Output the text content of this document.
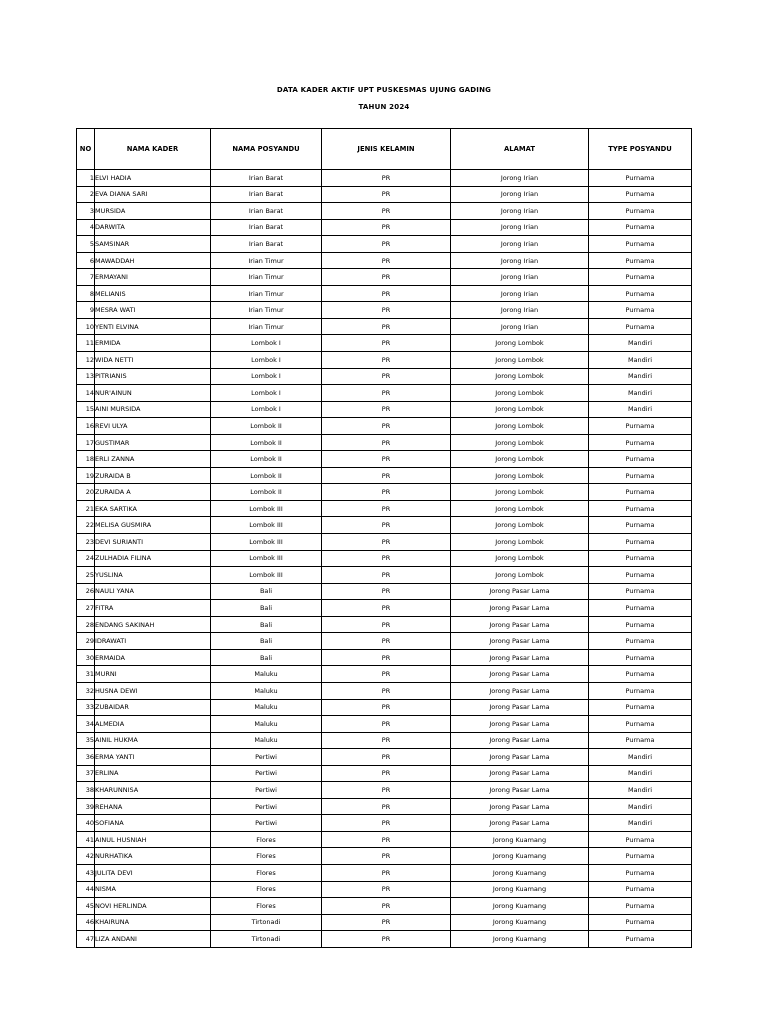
DATA KADER AKTIF UPT PUSKESMAS UJUNG GADING
TAHUN 2024
NO	NAMA KADER	NAMA POSYANDU	JENIS KELAMIN	ALAMAT	TYPE POSYANDU
1	ELVI HADIA	Irian Barat	PR	Jorong Irian	Purnama
2	EVA DIANA SARI	Irian Barat	PR	Jorong Irian	Purnama
3	MURSIDA	Irian Barat	PR	Jorong Irian	Purnama
4	DARWITA	Irian Barat	PR	Jorong Irian	Purnama
5	SAMSINAR	Irian Barat	PR	Jorong Irian	Purnama
6	MAWADDAH	Irian Timur	PR	Jorong Irian	Purnama
7	ERMAYANI	Irian Timur	PR	Jorong Irian	Purnama
8	MELIANIS	Irian Timur	PR	Jorong Irian	Purnama
9	MESRA WATI	Irian Timur	PR	Jorong Irian	Purnama
10	YENTI ELVINA	Irian Timur	PR	Jorong Irian	Purnama
11	ERMIDA	Lombok I	PR	Jorong Lombok	Mandiri
12	WIDA NETTI	Lombok I	PR	Jorong Lombok	Mandiri
13	PITRIANIS	Lombok I	PR	Jorong Lombok	Mandiri
14	NUR'AINUN	Lombok I	PR	Jorong Lombok	Mandiri
15	AINI MURSIDA	Lombok I	PR	Jorong Lombok	Mandiri
16	REVI ULYA	Lombok II	PR	Jorong Lombok	Purnama
17	GUSTIMAR	Lombok II	PR	Jorong Lombok	Purnama
18	ERLI ZANNA	Lombok II	PR	Jorong Lombok	Purnama
19	ZURAIDA B	Lombok II	PR	Jorong Lombok	Purnama
20	ZURAIDA A	Lombok II	PR	Jorong Lombok	Purnama
21	EKA SARTIKA	Lombok III	PR	Jorong Lombok	Purnama
22	MELISA GUSMIRA	Lombok III	PR	Jorong Lombok	Purnama
23	DEVI SURIANTI	Lombok III	PR	Jorong Lombok	Purnama
24	ZULHADIA FILINA	Lombok III	PR	Jorong Lombok	Purnama
25	YUSLINA	Lombok III	PR	Jorong Lombok	Purnama
26	NAULI YANA	Bali	PR	Jorong Pasar Lama	Purnama
27	FITRA	Bali	PR	Jorong Pasar Lama	Purnama
28	ENDANG SAKINAH	Bali	PR	Jorong Pasar Lama	Purnama
29	IDRAWATI	Bali	PR	Jorong Pasar Lama	Purnama
30	ERMAIDA	Bali	PR	Jorong Pasar Lama	Purnama
31	MURNI	Maluku	PR	Jorong Pasar Lama	Purnama
32	HUSNA DEWI	Maluku	PR	Jorong Pasar Lama	Purnama
33	ZUBAIDAR	Maluku	PR	Jorong Pasar Lama	Purnama
34	ALMEDIA	Maluku	PR	Jorong Pasar Lama	Purnama
35	AINIL HUKMA	Maluku	PR	Jorong Pasar Lama	Purnama
36	ERMA YANTI	Pertiwi	PR	Jorong Pasar Lama	Mandiri
37	ERLINA	Pertiwi	PR	Jorong Pasar Lama	Mandiri
38	KHARUNNISA	Pertiwi	PR	Jorong Pasar Lama	Mandiri
39	REHANA	Pertiwi	PR	Jorong Pasar Lama	Mandiri
40	SOFIANA	Pertiwi	PR	Jorong Pasar Lama	Mandiri
41	AINUL HUSNIAH	Flores	PR	Jorong Kuamang	Purnama
42	NURHATIKA	Flores	PR	Jorong Kuamang	Purnama
43	JULITA DEVI	Flores	PR	Jorong Kuamang	Purnama
44	NISMA	Flores	PR	Jorong Kuamang	Purnama
45	NOVI HERLINDA	Flores	PR	Jorong Kuamang	Purnama
46	KHAIRUNA	Tirtonadi	PR	Jorong Kuamang	Purnama
47	LIZA ANDANI	Tirtonadi	PR	Jorong Kuamang	Purnama
